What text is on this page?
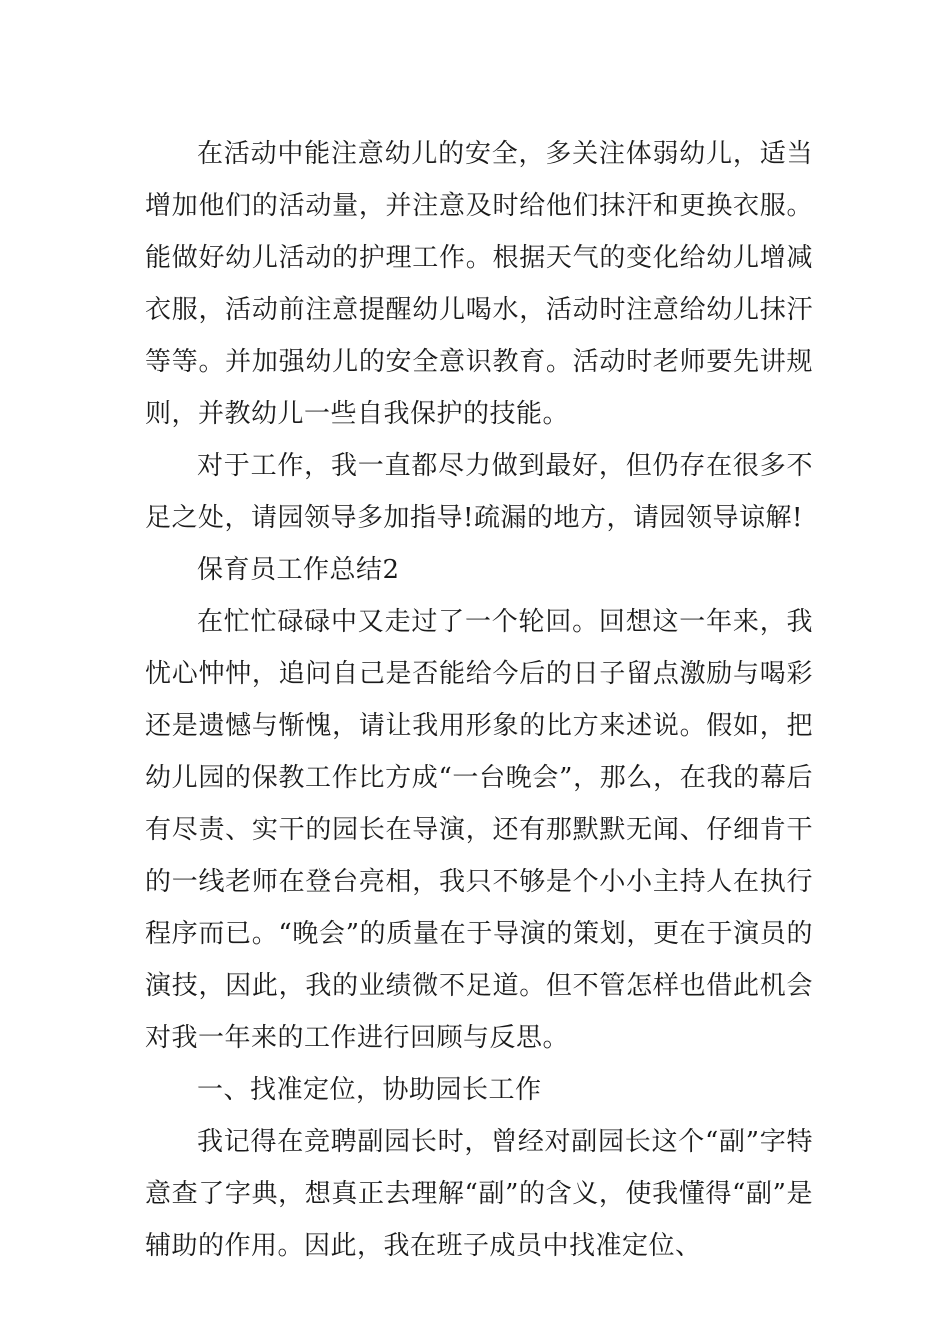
在活动中能注意幼儿的安全，多关注体弱幼儿，适当增加他们的活动量，并注意及时给他们抹汗和更换衣服。能做好幼儿活动的护理工作。根据天气的变化给幼儿增减衣服，活动前注意提醒幼儿喝水，活动时注意给幼儿抹汗等等。并加强幼儿的安全意识教育。活动时老师要先讲规则，并教幼儿一些自我保护的技能。

对于工作，我一直都尽力做到最好，但仍存在很多不足之处，请园领导多加指导!疏漏的地方，请园领导谅解!

保育员工作总结2

在忙忙碌碌中又走过了一个轮回。回想这一年来，我忧心忡忡，追问自己是否能给今后的日子留点激励与喝彩还是遗憾与惭愧，请让我用形象的比方来述说。假如，把幼儿园的保教工作比方成“一台晚会”，那么，在我的幕后有尽责、实干的园长在导演，还有那默默无闻、仔细肯干的一线老师在登台亮相，我只不够是个小小主持人在执行程序而已。“晚会”的质量在于导演的策划，更在于演员的演技，因此，我的业绩微不足道。但不管怎样也借此机会对我一年来的工作进行回顾与反思。

一、找准定位，协助园长工作

我记得在竞聘副园长时，曾经对副园长这个“副”字特意查了字典，想真正去理解“副”的含义，使我懂得“副”是辅助的作用。因此，我在班子成员中找准定位、
